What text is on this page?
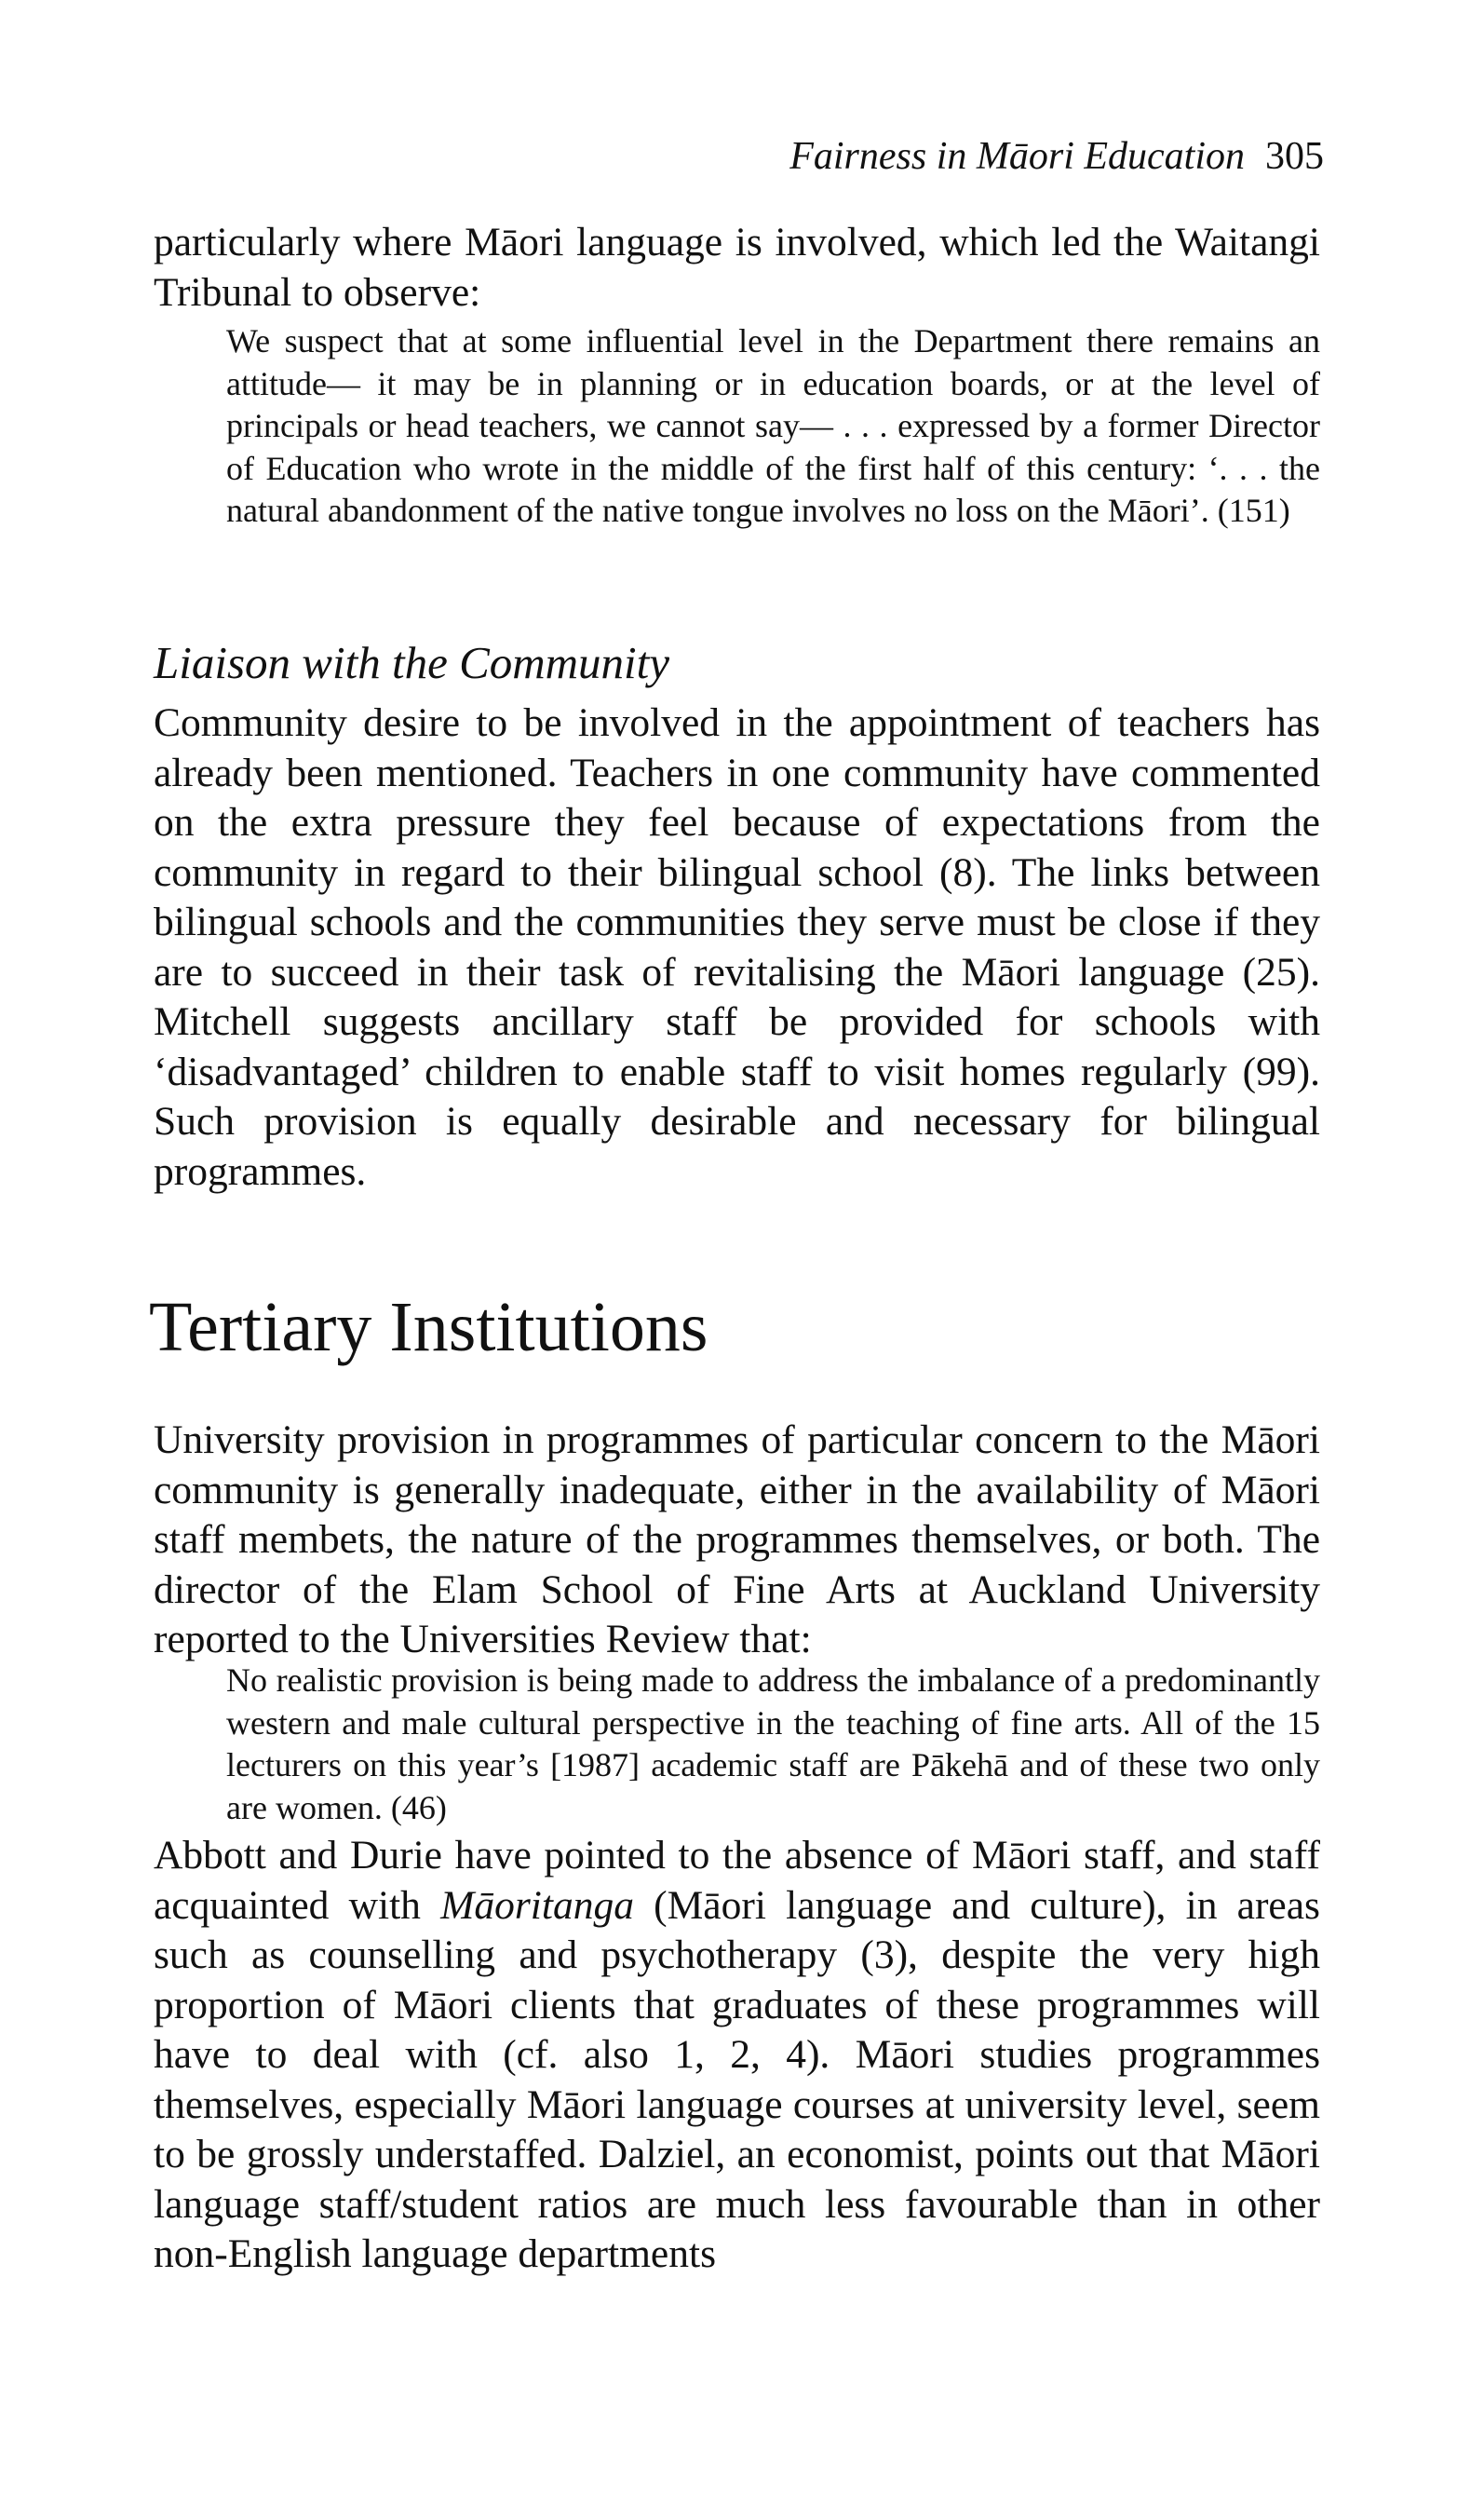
Fairness in Māori Education 305

particularly where Māori language is involved, which led the Waitangi Tribunal to observe:

We suspect that at some influential level in the Department there remains an attitude— it may be in planning or in education boards, or at the level of principals or head teachers, we cannot say— . . . expressed by a former Director of Education who wrote in the middle of the first half of this century: ‘. . . the natural abandonment of the native tongue involves no loss on the Māori’. (151)

Liaison with the Community

Community desire to be involved in the appointment of teachers has already been mentioned. Teachers in one community have commented on the extra pressure they feel because of expectations from the community in regard to their bilingual school (8). The links between bilingual schools and the communities they serve must be close if they are to succeed in their task of revitalising the Māori language (25). Mitchell suggests ancillary staff be provided for schools with ‘disadvantaged’ children to enable staff to visit homes regularly (99). Such provision is equally desirable and necessary for bilingual programmes.

Tertiary Institutions

University provision in programmes of particular concern to the Māori community is generally inadequate, either in the availability of Māori staff membets, the nature of the programmes themselves, or both. The director of the Elam School of Fine Arts at Auckland University reported to the Universities Review that:

No realistic provision is being made to address the imbalance of a predominantly western and male cultural perspective in the teaching of fine arts. All of the 15 lecturers on this year’s [1987] academic staff are Pākehā and of these two only are women. (46)

Abbott and Durie have pointed to the absence of Māori staff, and staff acquainted with Māoritanga (Māori language and culture), in areas such as counselling and psychotherapy (3), despite the very high proportion of Māori clients that graduates of these programmes will have to deal with (cf. also 1, 2, 4). Māori studies programmes themselves, especially Māori language courses at university level, seem to be grossly understaffed. Dalziel, an economist, points out that Māori language staff/student ratios are much less favourable than in other non-English language departments
